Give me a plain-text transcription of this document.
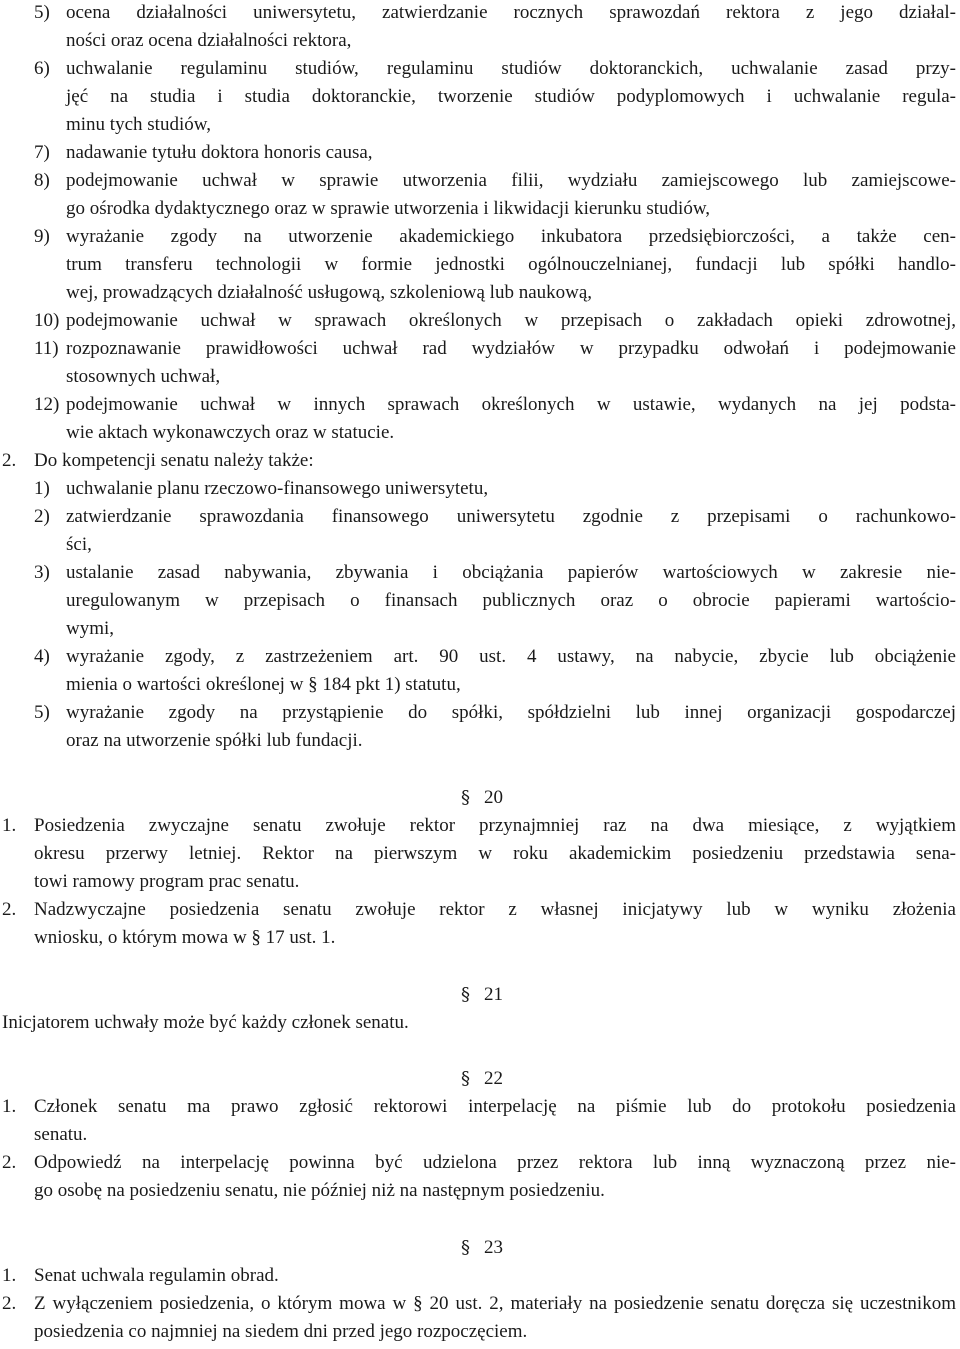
5) ocena działalności uniwersytetu, zatwierdzanie rocznych sprawozdań rektora z jego działal-
ności oraz ocena działalności rektora,
6) uchwalanie regulaminu studiów, regulaminu studiów doktoranckich, uchwalanie zasad przy-
jęć na studia i studia doktoranckie, tworzenie studiów podyplomowych i uchwalanie regula-
minu tych studiów,
7) nadawanie tytułu doktora honoris causa,
8) podejmowanie uchwał w sprawie utworzenia filii, wydziału zamiejscowego lub zamiejscowe-
go ośrodka dydaktycznego oraz w sprawie utworzenia i likwidacji kierunku studiów,
9) wyrażanie zgody na utworzenie akademickiego inkubatora przedsiębiorczości, a także cen-
trum transferu technologii w formie jednostki ogólnouczelnianej, fundacji lub spółki handlo-
wej, prowadzących działalność usługową, szkoleniową lub naukową,
10) podejmowanie uchwał w sprawach określonych w przepisach o zakładach opieki zdrowotnej,
11) rozpoznawanie prawidłowości uchwał rad wydziałów w przypadku odwołań i podejmowanie
stosownych uchwał,
12) podejmowanie uchwał w innych sprawach określonych w ustawie, wydanych na jej podsta-
wie aktach wykonawczych oraz w statucie.
2. Do kompetencji senatu należy także:
1) uchwalanie planu rzeczowo-finansowego uniwersytetu,
2) zatwierdzanie sprawozdania finansowego uniwersytetu zgodnie z przepisami o rachunkowo-
ści,
3) ustalanie zasad nabywania, zbywania i obciążania papierów wartościowych w zakresie nie-
uregulowanym w przepisach o finansach publicznych oraz o obrocie papierami wartościo-
wymi,
4) wyrażanie zgody, z zastrzeżeniem art. 90 ust. 4 ustawy, na nabycie, zbycie lub obciążenie
mienia o wartości określonej w § 184 pkt 1) statutu,
5) wyrażanie zgody na przystąpienie do spółki, spółdzielni lub innej organizacji gospodarczej
oraz na utworzenie spółki lub fundacji.
§ 20
1. Posiedzenia zwyczajne senatu zwołuje rektor przynajmniej raz na dwa miesiące, z wyjątkiem
okresu przerwy letniej. Rektor na pierwszym w roku akademickim posiedzeniu przedstawia sena-
towi ramowy program prac senatu.
2. Nadzwyczajne posiedzenia senatu zwołuje rektor z własnej inicjatywy lub w wyniku złożenia
wniosku, o którym mowa w § 17 ust. 1.
§ 21
Inicjatorem uchwały może być każdy członek senatu.
§ 22
1. Członek senatu ma prawo zgłosić rektorowi interpelację na piśmie lub do protokołu posiedzenia
senatu.
2. Odpowiedź na interpelację powinna być udzielona przez rektora lub inną wyznaczoną przez nie-
go osobę na posiedzeniu senatu, nie później niż na następnym posiedzeniu.
§ 23
1. Senat uchwala regulamin obrad.
2. Z wyłączeniem posiedzenia, o którym mowa w § 20 ust. 2, materiały na posiedzenie senatu doręcza się uczestnikom posiedzenia co najmniej na siedem dni przed jego rozpoczęciem.
